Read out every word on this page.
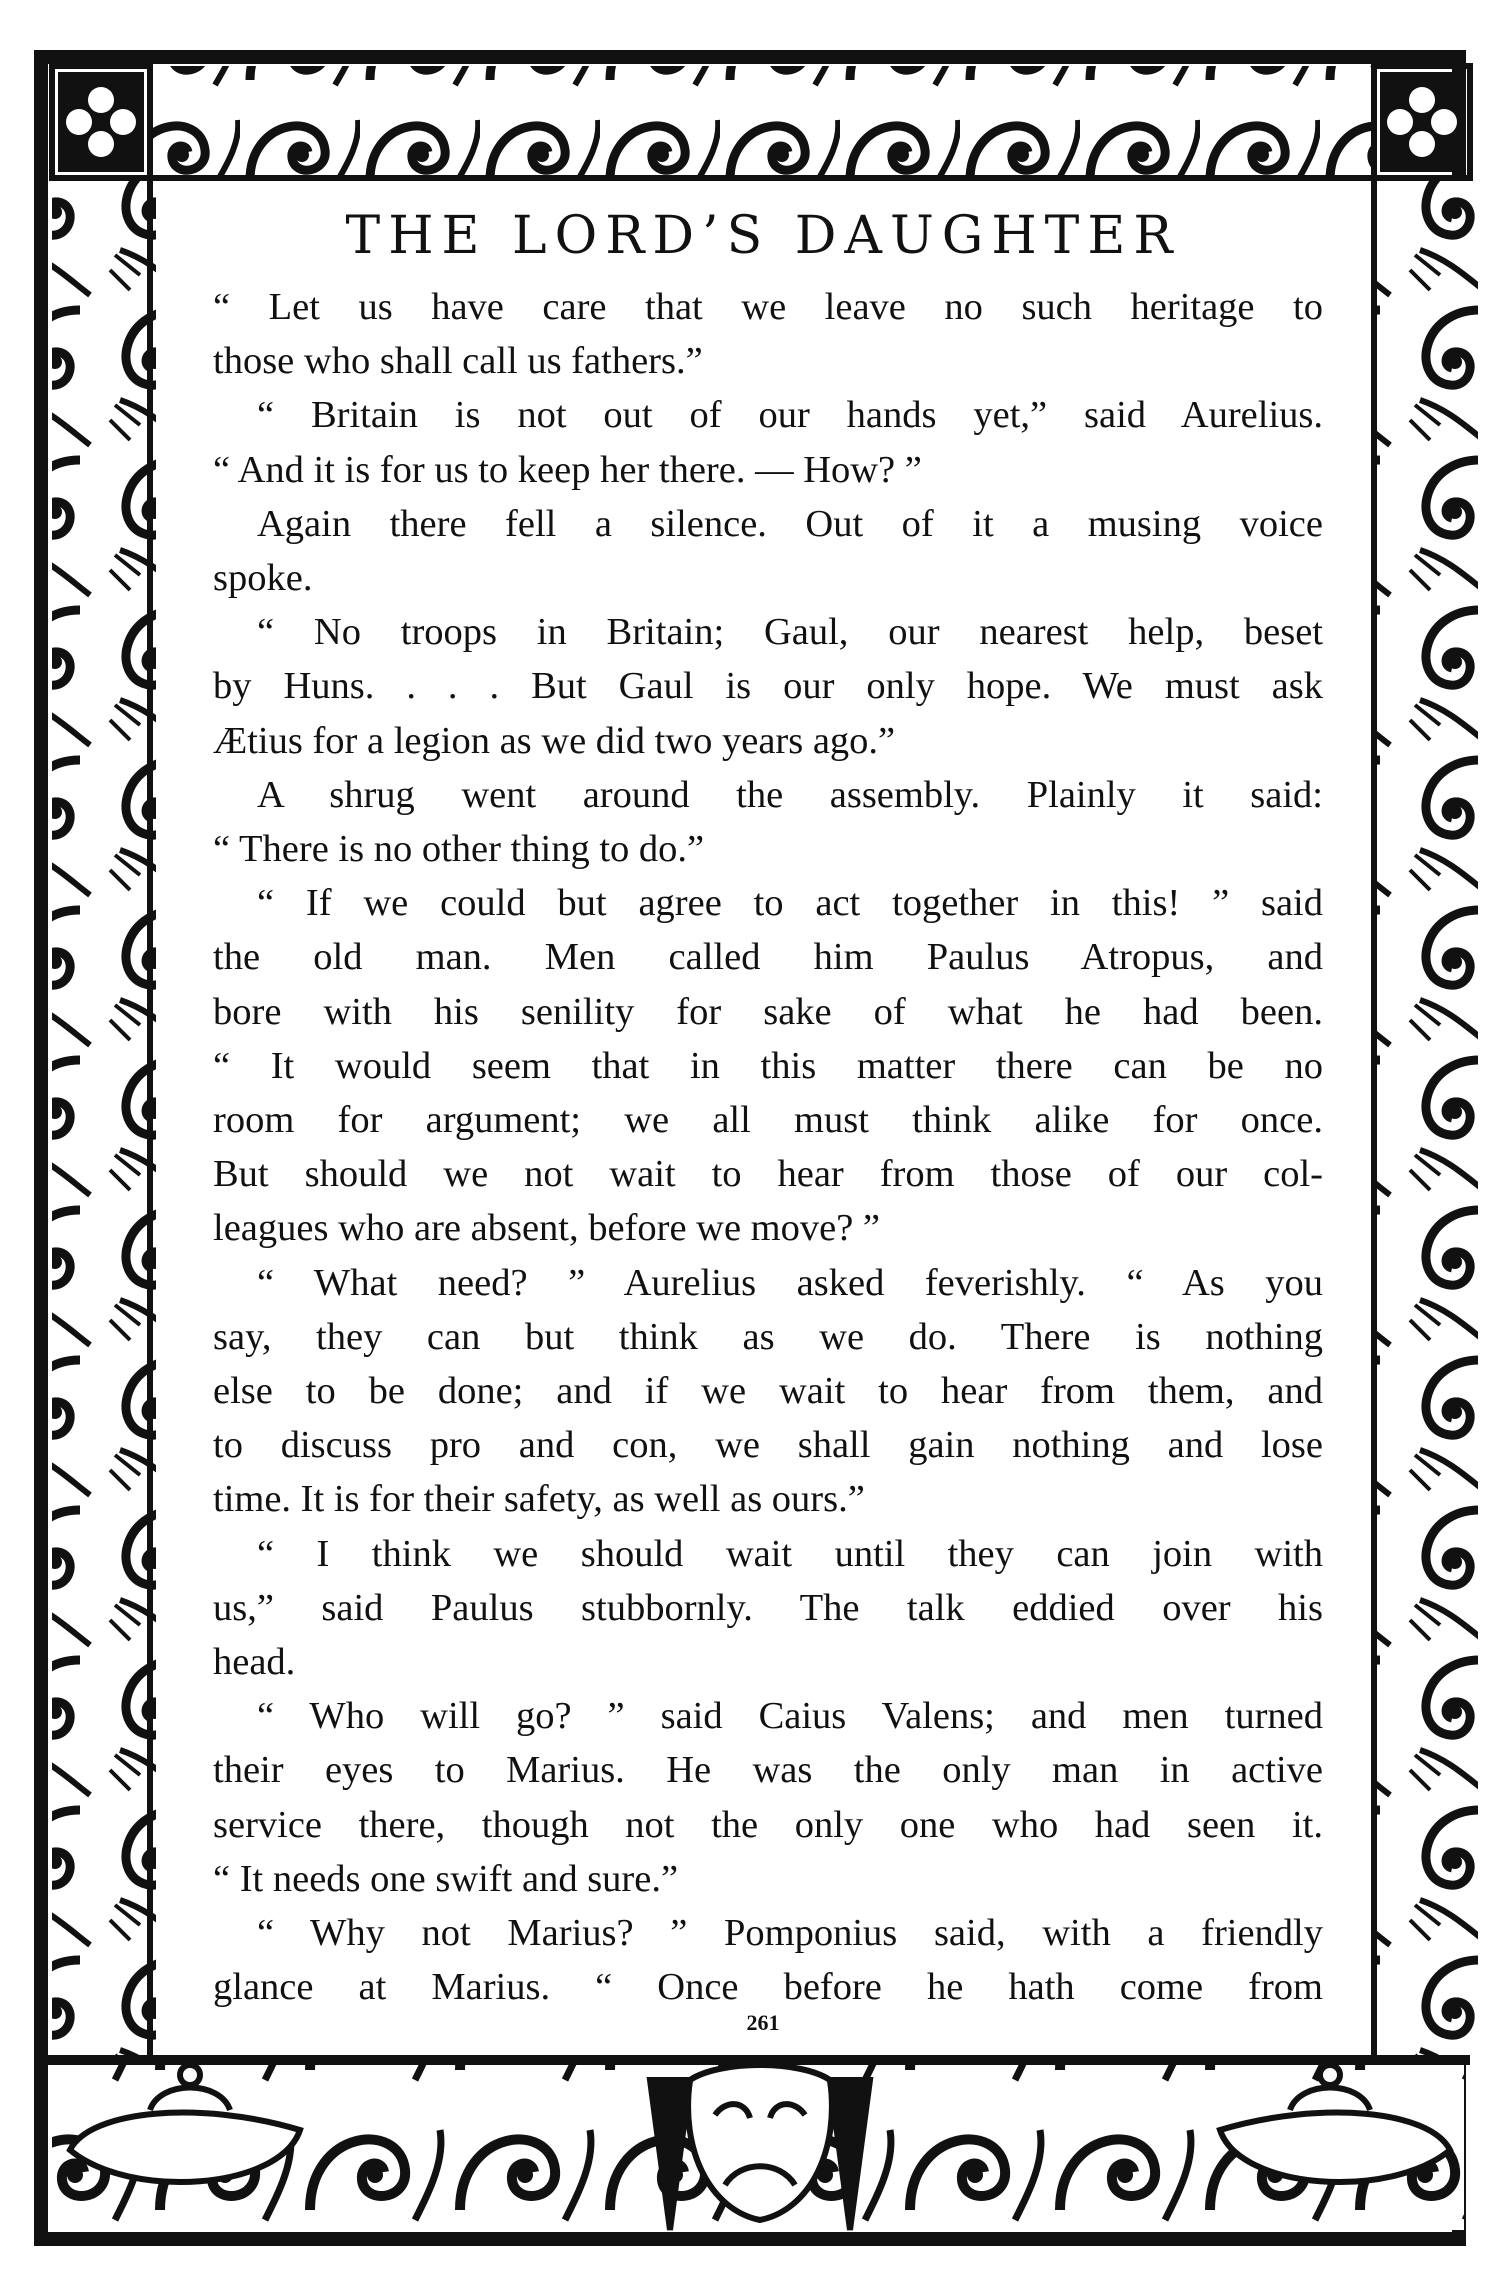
THE LORD’S DAUGHTER
“ Let us have care that we leave no such heritage to
those who shall call us fathers.”
“ Britain is not out of our hands yet,” said Aurelius.
“ And it is for us to keep her there. — How? ”
Again there fell a silence. Out of it a musing voice
spoke.
“ No troops in Britain; Gaul, our nearest help, beset
by Huns. . . . But Gaul is our only hope. We must ask
Ætius for a legion as we did two years ago.”
A shrug went around the assembly. Plainly it said:
“ There is no other thing to do.”
“ If we could but agree to act together in this! ” said
the old man. Men called him Paulus Atropus, and
bore with his senility for sake of what he had been.
“ It would seem that in this matter there can be no
room for argument; we all must think alike for once.
But should we not wait to hear from those of our col-
leagues who are absent, before we move? ”
“ What need? ” Aurelius asked feverishly. “ As you
say, they can but think as we do. There is nothing
else to be done; and if we wait to hear from them, and
to discuss pro and con, we shall gain nothing and lose
time. It is for their safety, as well as ours.”
“ I think we should wait until they can join with
us,” said Paulus stubbornly. The talk eddied over his
head.
“ Who will go? ” said Caius Valens; and men turned
their eyes to Marius. He was the only man in active
service there, though not the only one who had seen it.
“ It needs one swift and sure.”
“ Why not Marius? ” Pomponius said, with a friendly
glance at Marius. “ Once before he hath come from
261
